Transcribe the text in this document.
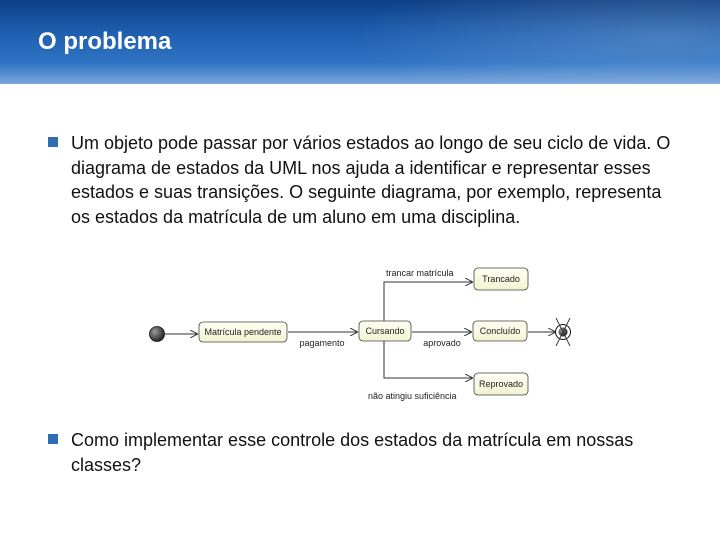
O problema
Um objeto pode passar por vários estados ao longo de seu ciclo de vida. O diagrama de estados da UML nos ajuda a identificar e representar esses estados e suas transições. O seguinte diagrama, por exemplo, representa os estados da matrícula de um aluno em uma disciplina.
Matrícula pendente
pagamento
Cursando
trancar matrícula
Trancado
aprovado
Concluído
não atingiu suficiência
Reprovado
Como implementar esse controle dos estados da matrícula em nossas classes?
